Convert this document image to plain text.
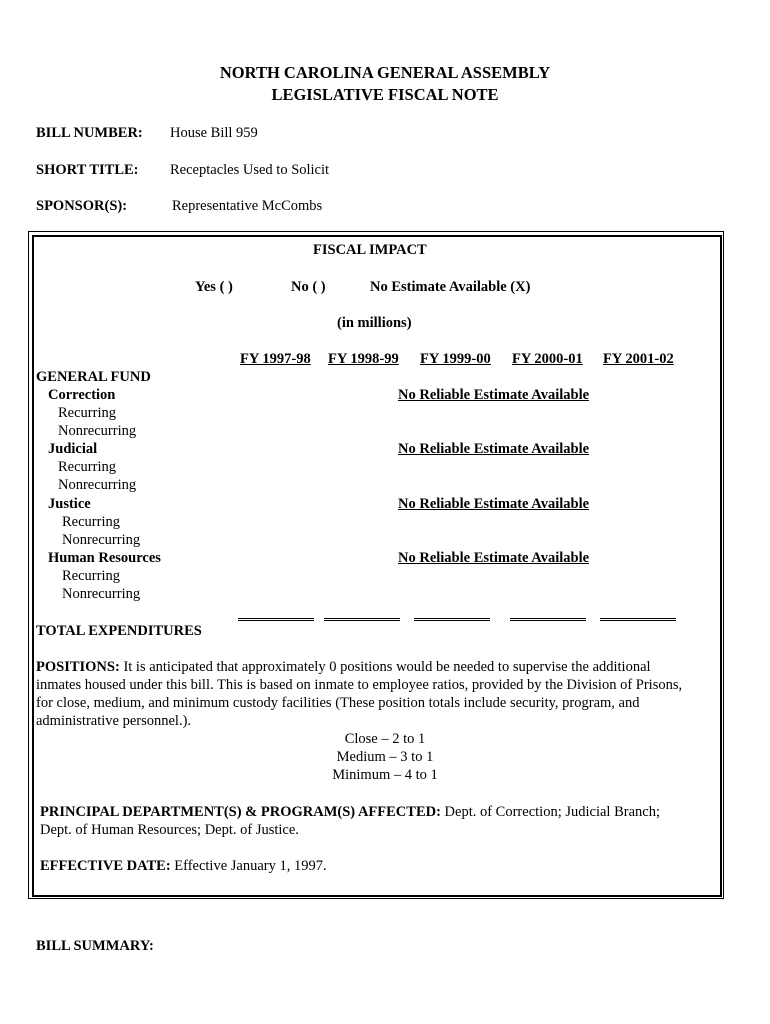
NORTH CAROLINA GENERAL ASSEMBLY
LEGISLATIVE FISCAL NOTE
BILL NUMBER: House Bill 959
SHORT TITLE: Receptacles Used to Solicit
SPONSOR(S):	Representative McCombs
FISCAL IMPACT
Yes ( )	No ( )	No Estimate Available (X)
(in millions)
FY 1997-98 FY 1998-99 FY 1999-00 FY 2000-01 FY 2001-02
GENERAL FUND
Correction	No Reliable Estimate Available
Recurring
Nonrecurring
Judicial	No Reliable Estimate Available
Recurring
Nonrecurring
Justice	No Reliable Estimate Available
Recurring
Nonrecurring
Human Resources	No Reliable Estimate Available
Recurring
Nonrecurring
TOTAL EXPENDITURES
POSITIONS: It is anticipated that approximately 0 positions would be needed to supervise the additional
inmates housed under this bill. This is based on inmate to employee ratios, provided by the Division of Prisons,
for close, medium, and minimum custody facilities (These position totals include security, program, and
administrative personnel.).
Close – 2 to 1
Medium – 3 to 1
Minimum – 4 to 1
PRINCIPAL DEPARTMENT(S) & PROGRAM(S) AFFECTED: Dept. of Correction; Judicial Branch;
Dept. of Human Resources; Dept. of Justice.
EFFECTIVE DATE: Effective January 1, 1997.
BILL SUMMARY:
